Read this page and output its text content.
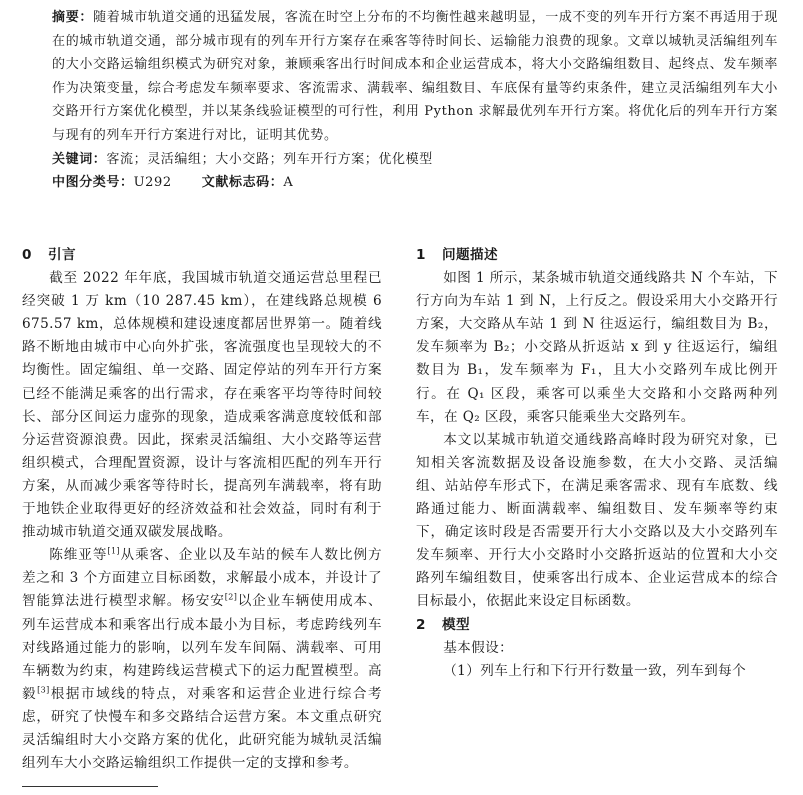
摘要：随着城市轨道交通的迅猛发展，客流在时空上分布的不均衡性越来越明显，一成不变的列车开行方案不再适用于现在的城市轨道交通，部分城市现有的列车开行方案存在乘客等待时间长、运输能力浪费的现象。文章以城轨灵活编组列车的大小交路运输组织模式为研究对象，兼顾乘客出行时间成本和企业运营成本，将大小交路编组数目、起终点、发车频率作为决策变量，综合考虑发车频率要求、客流需求、满载率、编组数目、车底保有量等约束条件，建立灵活编组列车大小交路开行方案优化模型，并以某条线验证模型的可行性，利用 Python 求解最优列车开行方案。将优化后的列车开行方案与现有的列车开行方案进行对比，证明其优势。
关键词：客流；灵活编组；大小交路；列车开行方案；优化模型
中图分类号：U292 文献标志码：A
0 引言

截至 2022 年年底，我国城市轨道交通运营总里程已经突破 1 万 km（10 287.45 km），在建线路总规模 6 675.57 km，总体规模和建设速度都居世界第一。随着线路不断地由城市中心向外扩张，客流强度也呈现较大的不均衡性。固定编组、单一交路、固定停站的列车开行方案已经不能满足乘客的出行需求，存在乘客平均等待时间较长、部分区间运力虚弥的现象，造成乘客满意度较低和部分运营资源浪费。因此，探索灵活编组、大小交路等运营组织模式，合理配置资源，设计与客流相匹配的列车开行方案，从而减少乘客等待时长，提高列车满载率，将有助于地铁企业取得更好的经济效益和社会效益，同时有利于推动城市轨道交通双碳发展战略。

陈维亚等[1]从乘客、企业以及车站的候车人数比例方差之和 3 个方面建立目标函数，求解最小成本，并设计了智能算法进行模型求解。杨安安[2]以企业车辆使用成本、列车运营成本和乘客出行成本最小为目标，考虑跨线列车对线路通过能力的影响，以列车发车间隔、满载率、可用车辆数为约束，构建跨线运营模式下的运力配置模型。高毅[3]根据市域线的特点，对乘客和运营企业进行综合考虑，研究了快慢车和多交路结合运营方案。本文重点研究灵活编组时大小交路方案的优化，此研究能为城轨灵活编组列车大小交路运输组织工作提供一定的支撑和参考。

1 问题描述

如图 1 所示，某条城市轨道交通线路共 N 个车站，下行方向为车站 1 到 N，上行反之。假设采用大小交路开行方案，大交路从车站 1 到 N 往返运行，编组数目为 B₂，发车频率为 B₂；小交路从折返站 x 到 y 往返运行，编组数目为 B₁，发车频率为 F₁，且大小交路列车成比例开行。在 Q₁ 区段，乘客可以乘坐大交路和小交路两种列车，在 Q₂ 区段，乘客只能乘坐大交路列车。

本文以某城市轨道交通线路高峰时段为研究对象，已知相关客流数据及设备设施参数，在大小交路、灵活编组、站站停车形式下，在满足乘客需求、现有车底数、线路通过能力、断面满载率、编组数目、发车频率等约束下，确定该时段是否需要开行大小交路以及大小交路列车发车频率、开行大小交路时小交路折返站的位置和大小交路列车编组数目，使乘客出行成本、企业运营成本的综合目标最小，依据此来设定目标函数。

2 模型

基本假设：

（1）列车上行和下行开行数量一致，列车到每个
